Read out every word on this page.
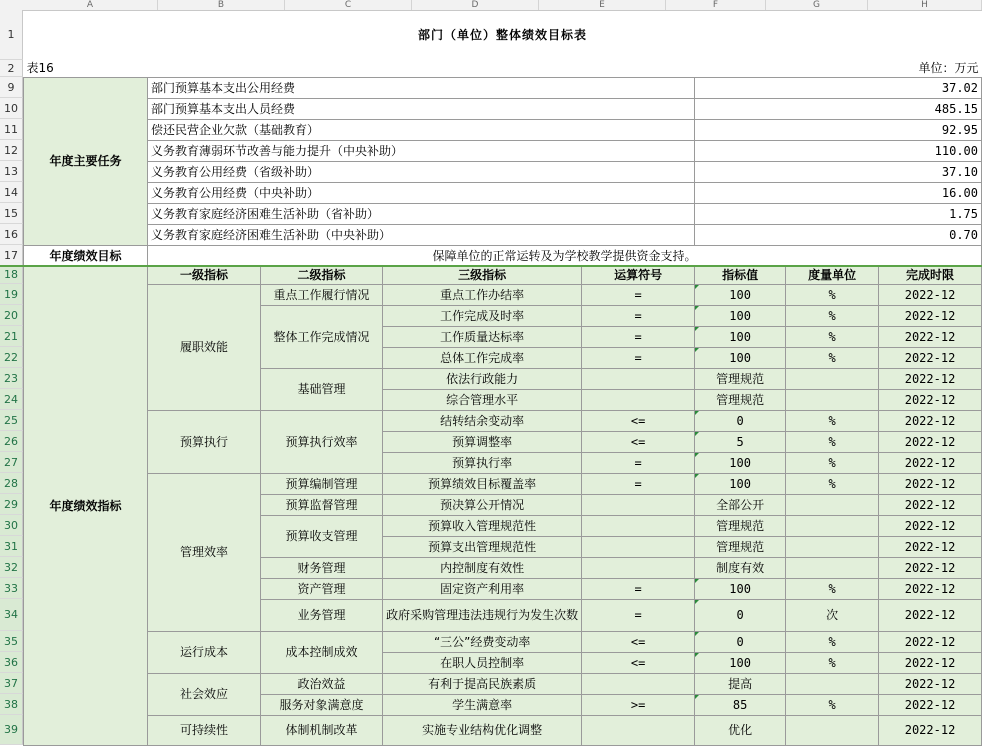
A	B	C	D	E	F	G	H
1
2
9
10
11
12
13
14
15
16
17
18
19
20
21
22
23
24
25
26
27
28
29
30
31
32
33
34
35
36
37
38
39
部门（单位）整体绩效目标表							
表16				单位：万元			
年度主要任务	部门预算基本支出公用经费				37.02		
	部门预算基本支出人员经费				485.15		
	偿还民营企业欠款（基础教育）				92.95		
	义务教育薄弱环节改善与能力提升（中央补助）				110.00		
	义务教育公用经费（省级补助）				37.10		
	义务教育公用经费（中央补助）				16.00		
	义务教育家庭经济困难生活补助（省补助）				1.75		
	义务教育家庭经济困难生活补助（中央补助）				0.70		
年度绩效目标	保障单位的正常运转及为学校教学提供资金支持。						
年度绩效指标	一级指标	二级指标	三级指标	运算符号	指标值	度量单位	完成时限
	履职效能	重点工作履行情况	重点工作办结率	=	100	%	2022-12
		整体工作完成情况	工作完成及时率	=	100	%	2022-12
			工作质量达标率	=	100	%	2022-12
			总体工作完成率	=	100	%	2022-12
		基础管理	依法行政能力		管理规范		2022-12
			综合管理水平		管理规范		2022-12
	预算执行	预算执行效率	结转结余变动率	<=	0	%	2022-12
			预算调整率	<=	5	%	2022-12
			预算执行率	=	100	%	2022-12
	管理效率	预算编制管理	预算绩效目标覆盖率	=	100	%	2022-12
		预算监督管理	预决算公开情况		全部公开		2022-12
		预算收支管理	预算收入管理规范性		管理规范		2022-12
			预算支出管理规范性		管理规范		2022-12
		财务管理	内控制度有效性		制度有效		2022-12
		资产管理	固定资产利用率	=	100	%	2022-12
		业务管理	政府采购管理违法违规行为发生次数	=	0	次	2022-12
	运行成本	成本控制成效	“三公”经费变动率	<=	0	%	2022-12
			在职人员控制率	<=	100	%	2022-12
	社会效应	政治效益	有利于提高民族素质		提高		2022-12
		服务对象满意度	学生满意率	>=	85	%	2022-12
	可持续性	体制机制改革	实施专业结构优化调整		优化		2022-12
